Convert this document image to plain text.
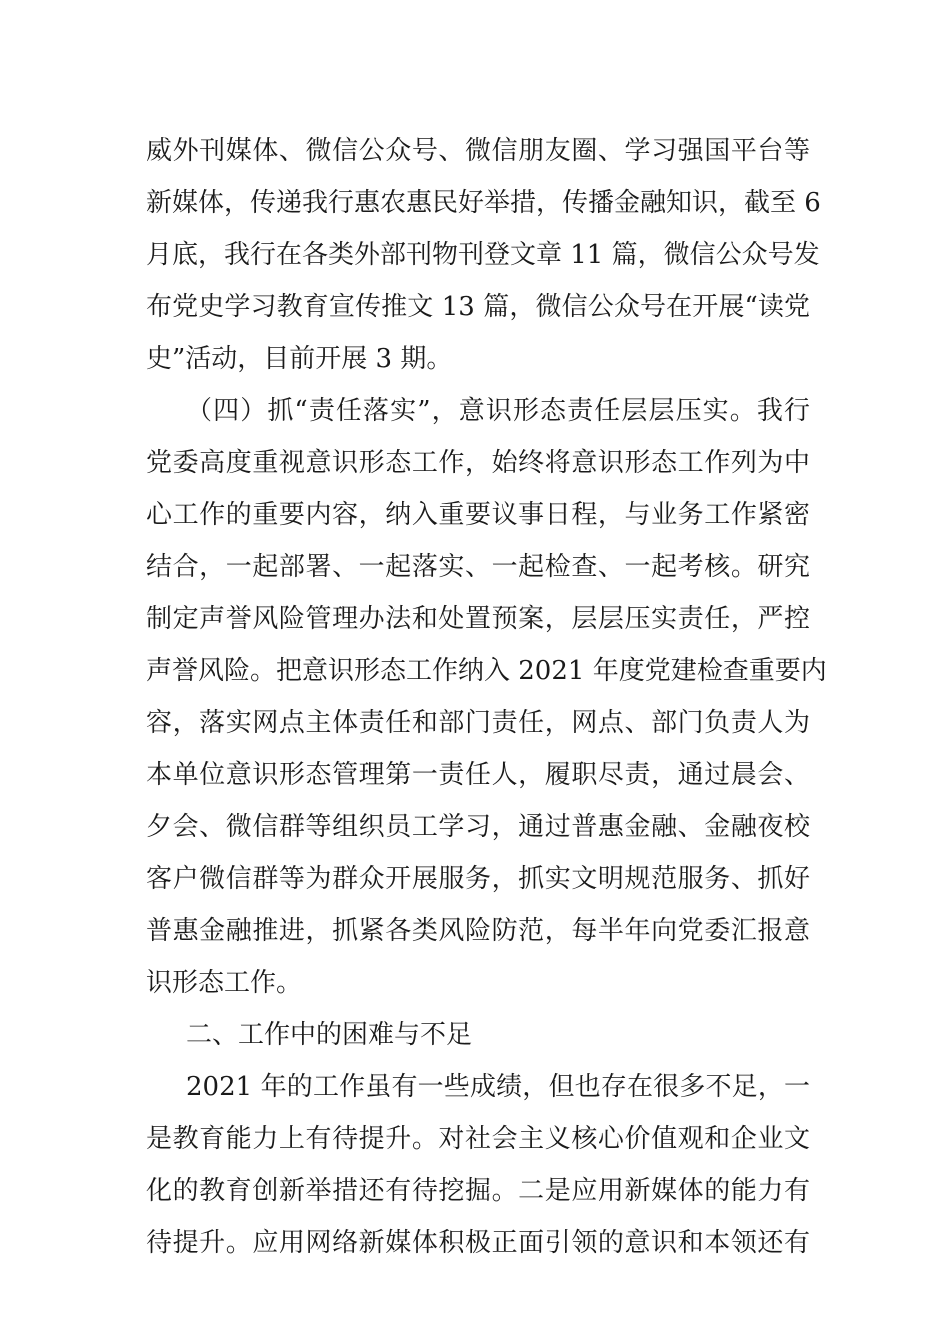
威外刊媒体、微信公众号、微信朋友圈、学习强国平台等
新媒体，传递我行惠农惠民好举措，传播金融知识，截至 6
月底，我行在各类外部刊物刊登文章 11 篇，微信公众号发
布党史学习教育宣传推文 13 篇，微信公众号在开展“读党
史”活动，目前开展 3 期。
（四）抓“责任落实”，意识形态责任层层压实。我行
党委高度重视意识形态工作，始终将意识形态工作列为中
心工作的重要内容，纳入重要议事日程，与业务工作紧密
结合，一起部署、一起落实、一起检查、一起考核。研究
制定声誉风险管理办法和处置预案，层层压实责任，严控
声誉风险。把意识形态工作纳入 2021 年度党建检查重要内
容，落实网点主体责任和部门责任，网点、部门负责人为
本单位意识形态管理第一责任人，履职尽责，通过晨会、
夕会、微信群等组织员工学习，通过普惠金融、金融夜校
客户微信群等为群众开展服务，抓实文明规范服务、抓好
普惠金融推进，抓紧各类风险防范，每半年向党委汇报意
识形态工作。
二、工作中的困难与不足
2021 年的工作虽有一些成绩，但也存在很多不足，一
是教育能力上有待提升。对社会主义核心价值观和企业文
化的教育创新举措还有待挖掘。二是应用新媒体的能力有
待提升。应用网络新媒体积极正面引领的意识和本领还有
